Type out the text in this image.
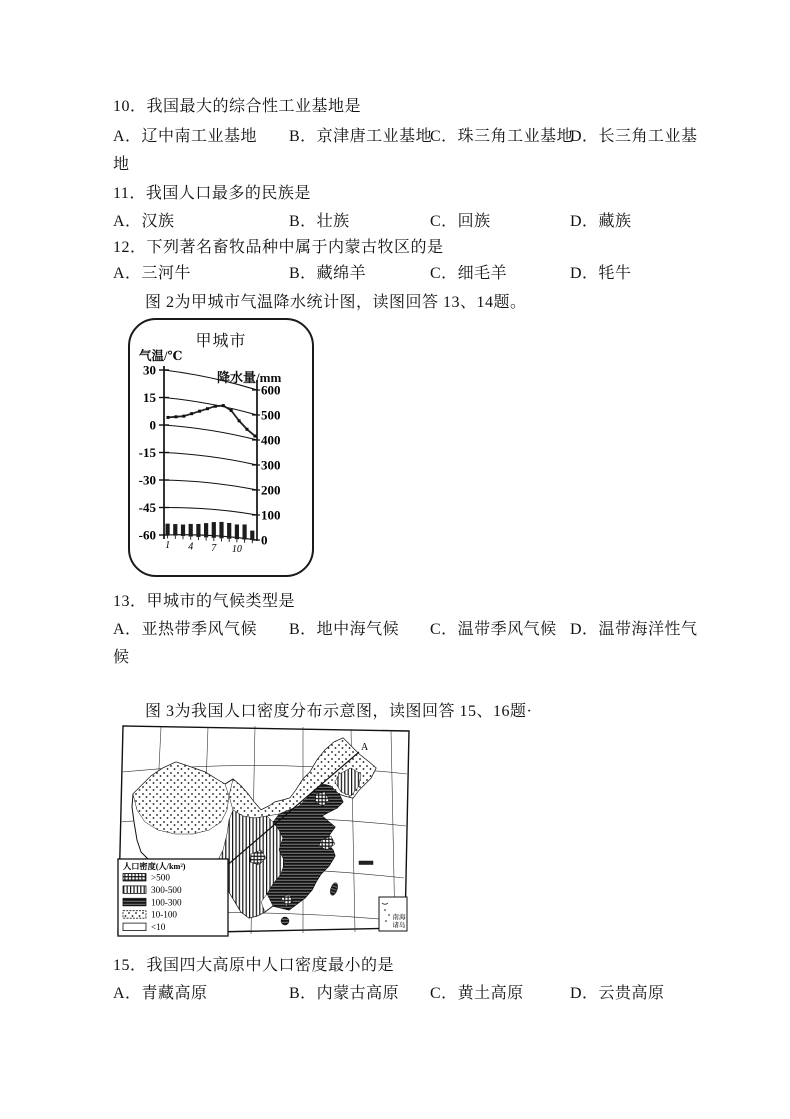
10．我国最大的综合性工业基地是
A．辽中南工业基地 B．京津唐工业基地
C．珠三角工业基地
D．长三角工业基
地
11．我国人口最多的民族是
A．汉族	B．壮族	C．回族	D．藏族
12．下列著名畜牧品种中属于内蒙古牧区的是
A．三河牛	B．藏绵羊	C．细毛羊	D．牦牛
图 2为甲城市气温降水统计图，读图回答 13、14题。
甲城市
气温/℃
降水量/mm
30
15
0
-15
-30
-45
-60
600
500
400
300
200
100
0
1 4 7 10
13．甲城市的气候类型是
A．亚热带季风气候 B．地中海气候 C．温带季风气候 D．温带海洋性气
候
图 3为我国人口密度分布示意图，读图回答 15、16题·
A
人口密度(人/km²)
>500
300-500
100-300
10-100
<10
南海
诸岛
15．我国四大高原中人口密度最小的是
A．青藏高原	B．内蒙古高原 C．黄土高原	D．云贵高原
